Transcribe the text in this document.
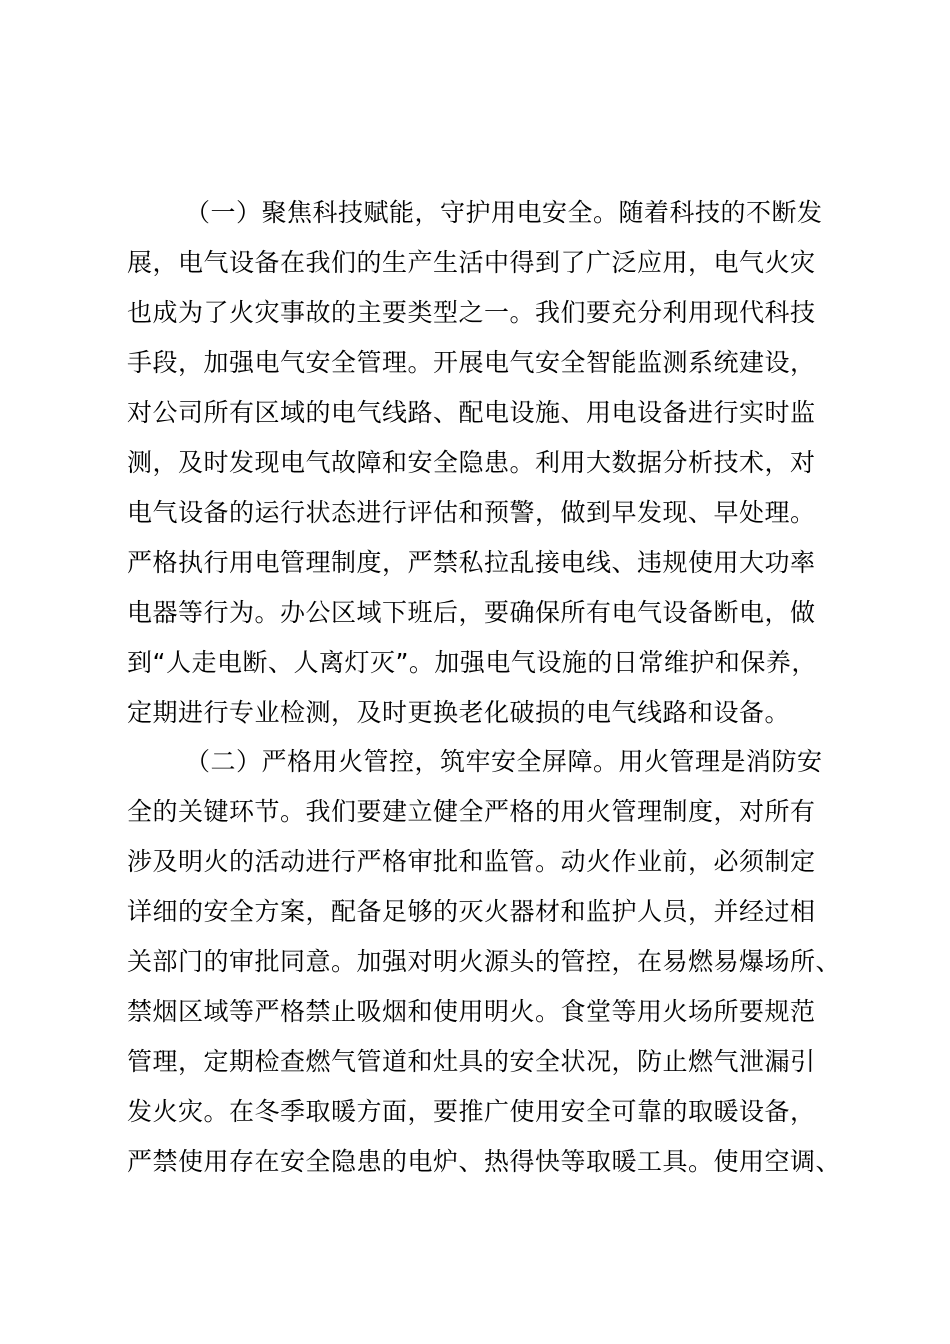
（一）聚焦科技赋能，守护用电安全。随着科技的不断发
展，电气设备在我们的生产生活中得到了广泛应用，电气火灾
也成为了火灾事故的主要类型之一。我们要充分利用现代科技
手段，加强电气安全管理。开展电气安全智能监测系统建设，
对公司所有区域的电气线路、配电设施、用电设备进行实时监
测，及时发现电气故障和安全隐患。利用大数据分析技术，对
电气设备的运行状态进行评估和预警，做到早发现、早处理。
严格执行用电管理制度，严禁私拉乱接电线、违规使用大功率
电器等行为。办公区域下班后，要确保所有电气设备断电，做
到“人走电断、人离灯灭”。加强电气设施的日常维护和保养，
定期进行专业检测，及时更换老化破损的电气线路和设备。
（二）严格用火管控，筑牢安全屏障。用火管理是消防安
全的关键环节。我们要建立健全严格的用火管理制度，对所有
涉及明火的活动进行严格审批和监管。动火作业前，必须制定
详细的安全方案，配备足够的灭火器材和监护人员，并经过相
关部门的审批同意。加强对明火源头的管控，在易燃易爆场所、
禁烟区域等严格禁止吸烟和使用明火。食堂等用火场所要规范
管理，定期检查燃气管道和灶具的安全状况，防止燃气泄漏引
发火灾。在冬季取暖方面，要推广使用安全可靠的取暖设备，
严禁使用存在安全隐患的电炉、热得快等取暖工具。使用空调、
